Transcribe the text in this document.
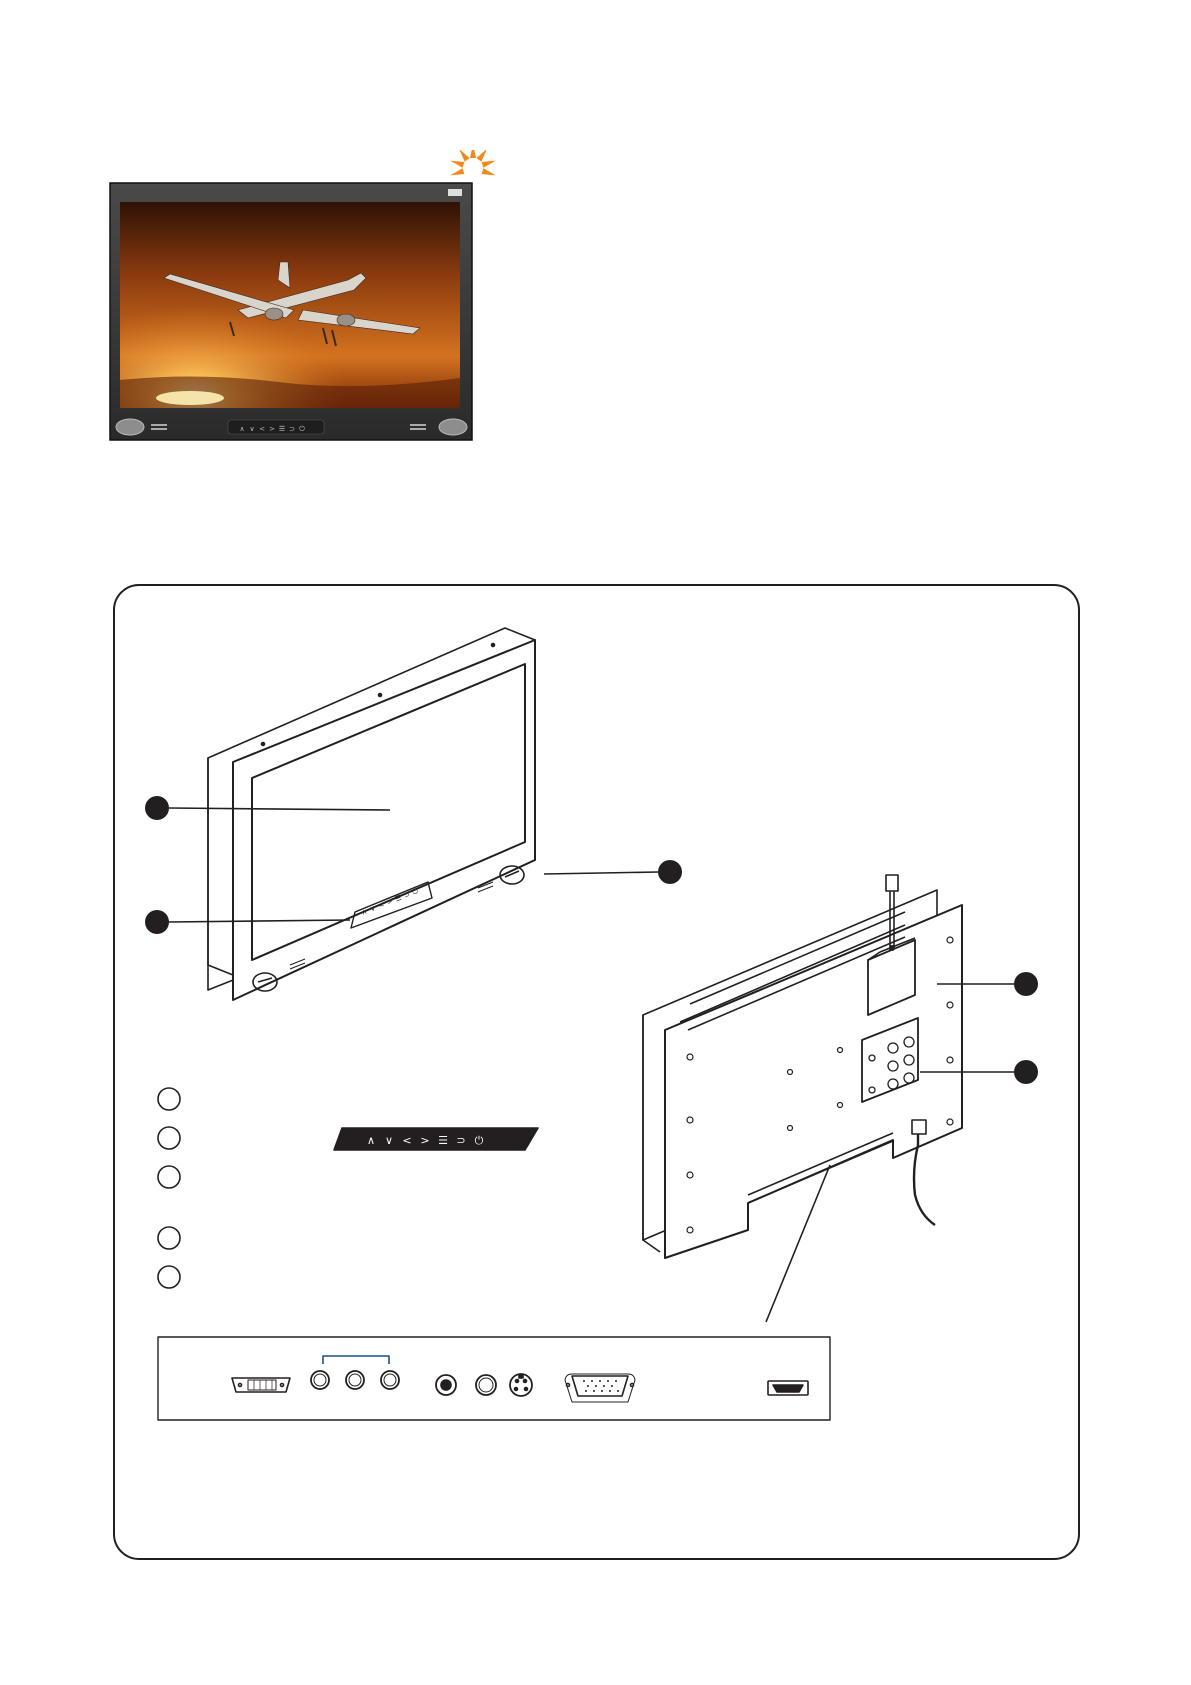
∧ ∨ < > ☰ ⊃ ⏻
∧ ∨ < > ☰ ⊃ ⏻
∧ ∨ < > ☰ ⊃ ⏻
